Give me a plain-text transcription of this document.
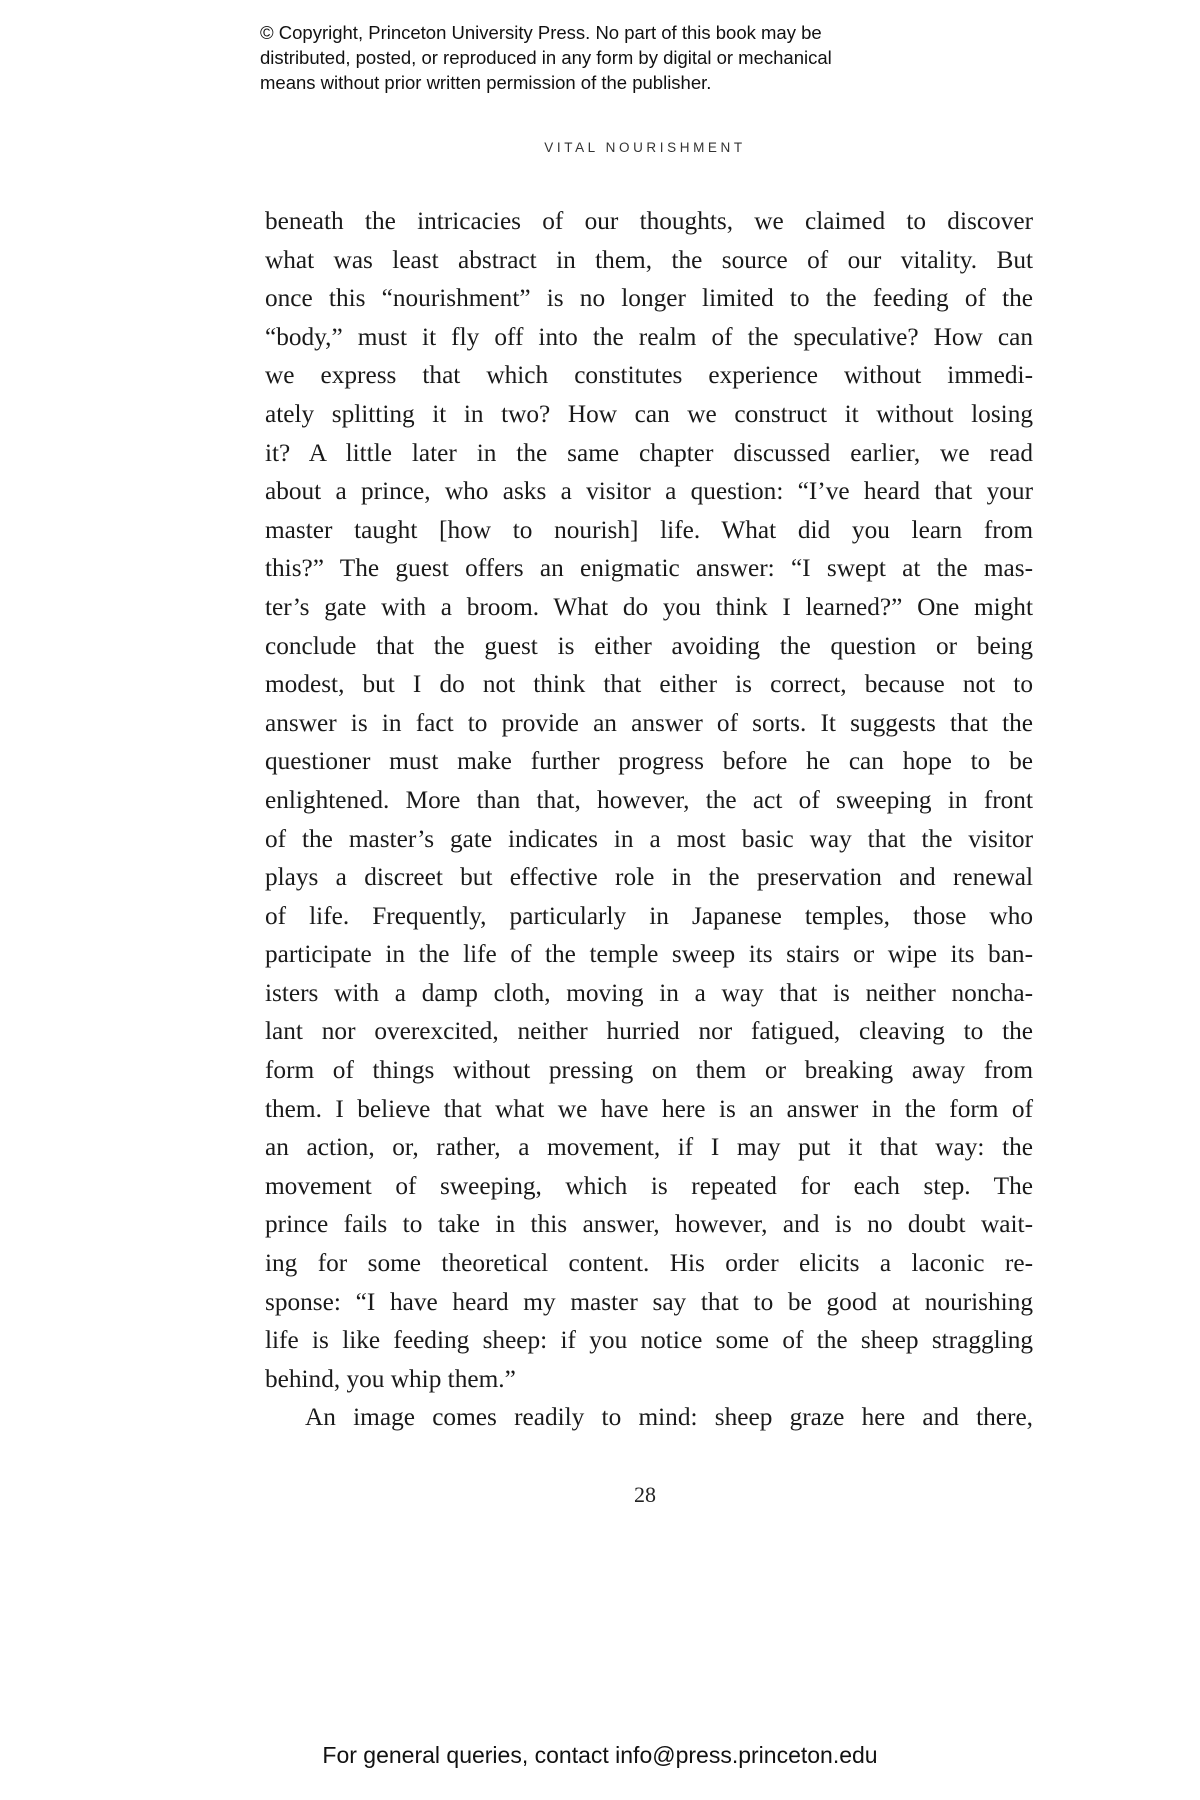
© Copyright, Princeton University Press. No part of this book may be
distributed, posted, or reproduced in any form by digital or mechanical
means without prior written permission of the publisher.
VITAL NOURISHMENT
beneath the intricacies of our thoughts, we claimed to discover
what was least abstract in them, the source of our vitality. But
once this “nourishment” is no longer limited to the feeding of the
“body,” must it fly off into the realm of the speculative? How can
we express that which constitutes experience without immedi-
ately splitting it in two? How can we construct it without losing
it? A little later in the same chapter discussed earlier, we read
about a prince, who asks a visitor a question: “I’ve heard that your
master taught [how to nourish] life. What did you learn from
this?” The guest offers an enigmatic answer: “I swept at the mas-
ter’s gate with a broom. What do you think I learned?” One might
conclude that the guest is either avoiding the question or being
modest, but I do not think that either is correct, because not to
answer is in fact to provide an answer of sorts. It suggests that the
questioner must make further progress before he can hope to be
enlightened. More than that, however, the act of sweeping in front
of the master’s gate indicates in a most basic way that the visitor
plays a discreet but effective role in the preservation and renewal
of life. Frequently, particularly in Japanese temples, those who
participate in the life of the temple sweep its stairs or wipe its ban-
isters with a damp cloth, moving in a way that is neither noncha-
lant nor overexcited, neither hurried nor fatigued, cleaving to the
form of things without pressing on them or breaking away from
them. I believe that what we have here is an answer in the form of
an action, or, rather, a movement, if I may put it that way: the
movement of sweeping, which is repeated for each step. The
prince fails to take in this answer, however, and is no doubt wait-
ing for some theoretical content. His order elicits a laconic re-
sponse: “I have heard my master say that to be good at nourishing
life is like feeding sheep: if you notice some of the sheep straggling
behind, you whip them.”
An image comes readily to mind: sheep graze here and there,
28
For general queries, contact info@press.princeton.edu
